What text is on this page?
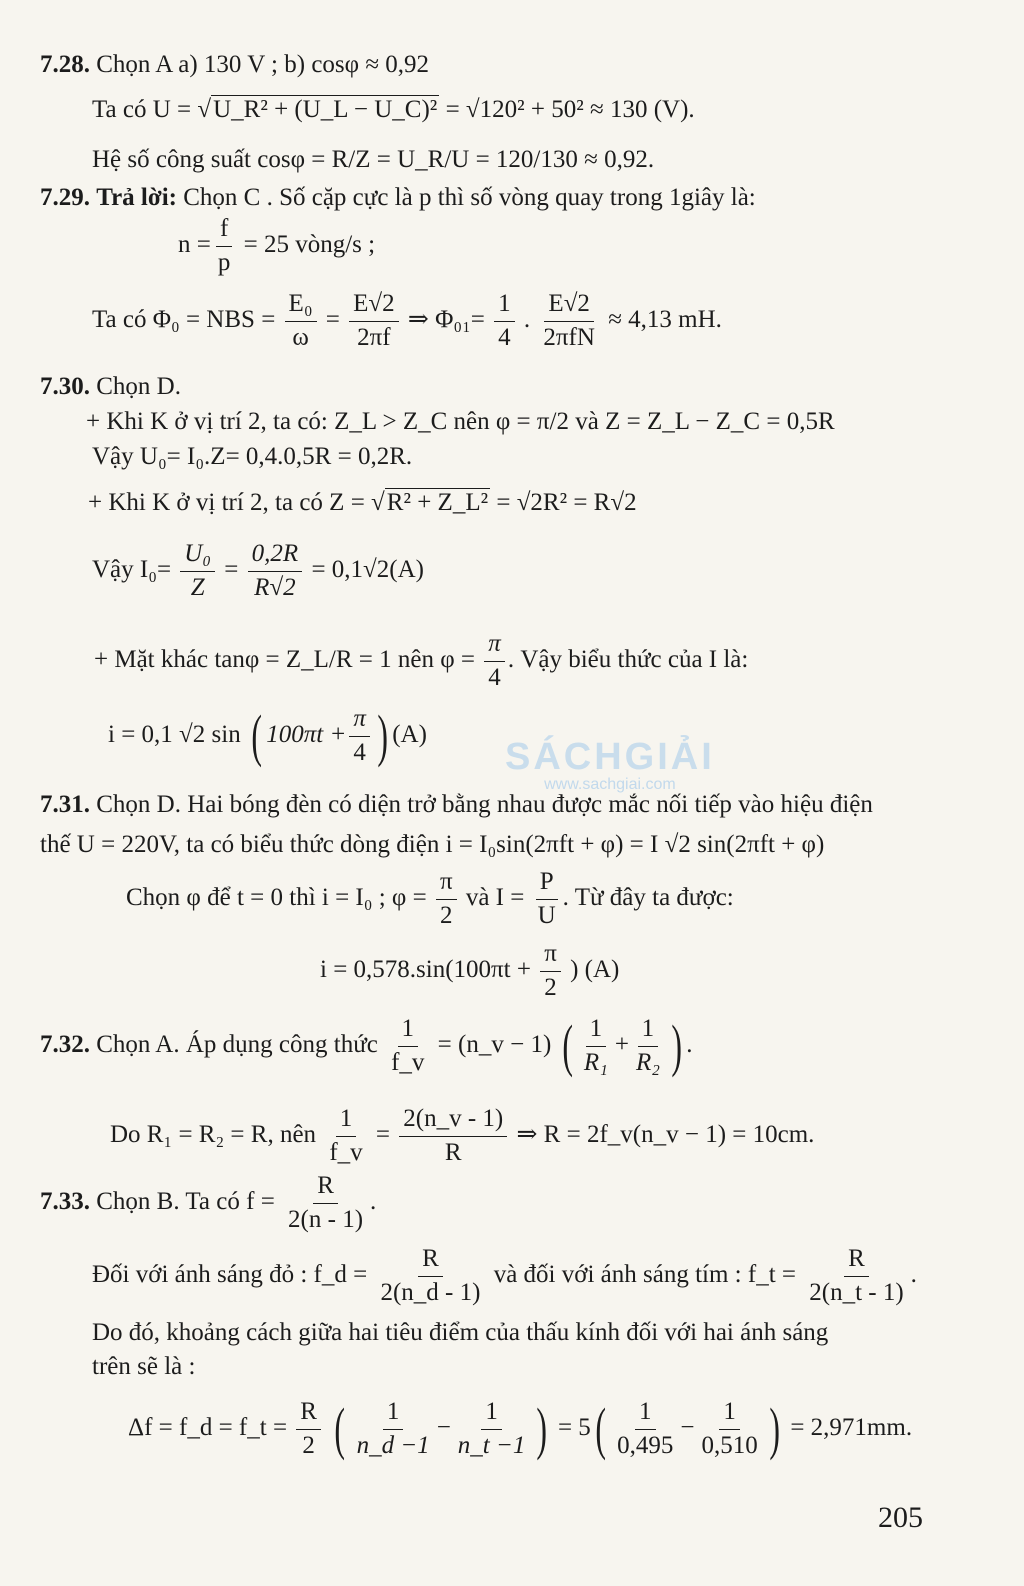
7.28. Chọn A a) 130 V ; b) cosφ ≈ 0,92
Ta có U = √U_R² + (U_L − U_C)² = √120² + 50² ≈ 130 (V).
Hệ số công suất cosφ = R/Z = U_R/U = 120/130 ≈ 0,92.
7.29. Trả lời: Chọn C . Số cặp cực là p thì số vòng quay trong 1giây là:
$n = \frac{f}{p} = 25$ vòng/s ;
Ta có Φ₀ = NBS = $\frac{\text{E₀}}{\omega} = \frac{E√2}{2\pi f}$ ⇒ $\Phi_{01}= \frac{1}{4}$ . $\frac{E√2}{\text{2πfN}} \approx 4,13$ mH.
7.30. Chọn D.
+ Khi K ở vị trí 2, ta có: Z_L > Z_C nên φ = π/2 và Z = Z_L − Z_C = 0,5R
Vậy U₀= I₀.Z= 0,4.0,5R = 0,2R.
+ Khi K ở vị trí 2, ta có Z = √R² + Z_L² = √2R² = R√2
Vậy $I_0= \frac{\text{U₀}}{Z} = \frac{0,2R}{R√2} = 0,1√2(A)$
+ Mặt khác tanφ = Z_L/R = 1 nên $\varphi = \frac{\pi}{4}$ . Vậy biểu thức của I là:
i = 0,1 √2 sin ( $100\pi t + \frac{\pi}{4}$ ) (A)
SÁCHGIẢI
www.sachgiai.com
7.31. Chọn D. Hai bóng đèn có diện trở bằng nhau được mắc nối tiếp vào hiệu điện
thế U = 220V, ta có biểu thức dòng điện i = I₀sin(2πft + φ) = I √2 sin(2πft + φ)
Chọn φ để t = 0 thì i = I₀ ; $\varphi = \frac{\pi}{2}$ và $I = \frac{P}{U}$ . Từ đây ta được:
$i = 0,578.\sin(100\pi t + \frac{\pi}{2}$ ) (A)
7.32. Chọn A. Áp dụng công thức $\frac{1}{f\_v}$ = (n_v − 1) ( $\frac{1}{\text{R₁}} + \frac{1}{\text{R₂}}$ ) .
Do R₁ = R₂ = R, nên $\frac{1}{f\_v} = \frac{2(n\_v - 1)}{R}$ ⇒ R = 2f_v(n_v − 1) = 10cm.
7.33. Chọn B. Ta có $f = \frac{R}{2(n - 1)}$ .
Đối với ánh sáng đỏ : f_d = $\frac{R}{2(n\_d - 1)}$ và đối với ánh sáng tím : f_t = $\frac{R}{2(n\_t - 1)}$ .
Do đó, khoảng cách giữa hai tiêu điểm của thấu kính đối với hai ánh sáng
trên sẽ là :
Δf = f_d = f_t = $\frac{R}{2}$ ( $\frac{1}{n\_d -1} - \frac{1}{n\_t -1}$ ) = $5( \frac{1}{0,495} - \frac{1}{0,510}$ ) = 2,971mm.
205
